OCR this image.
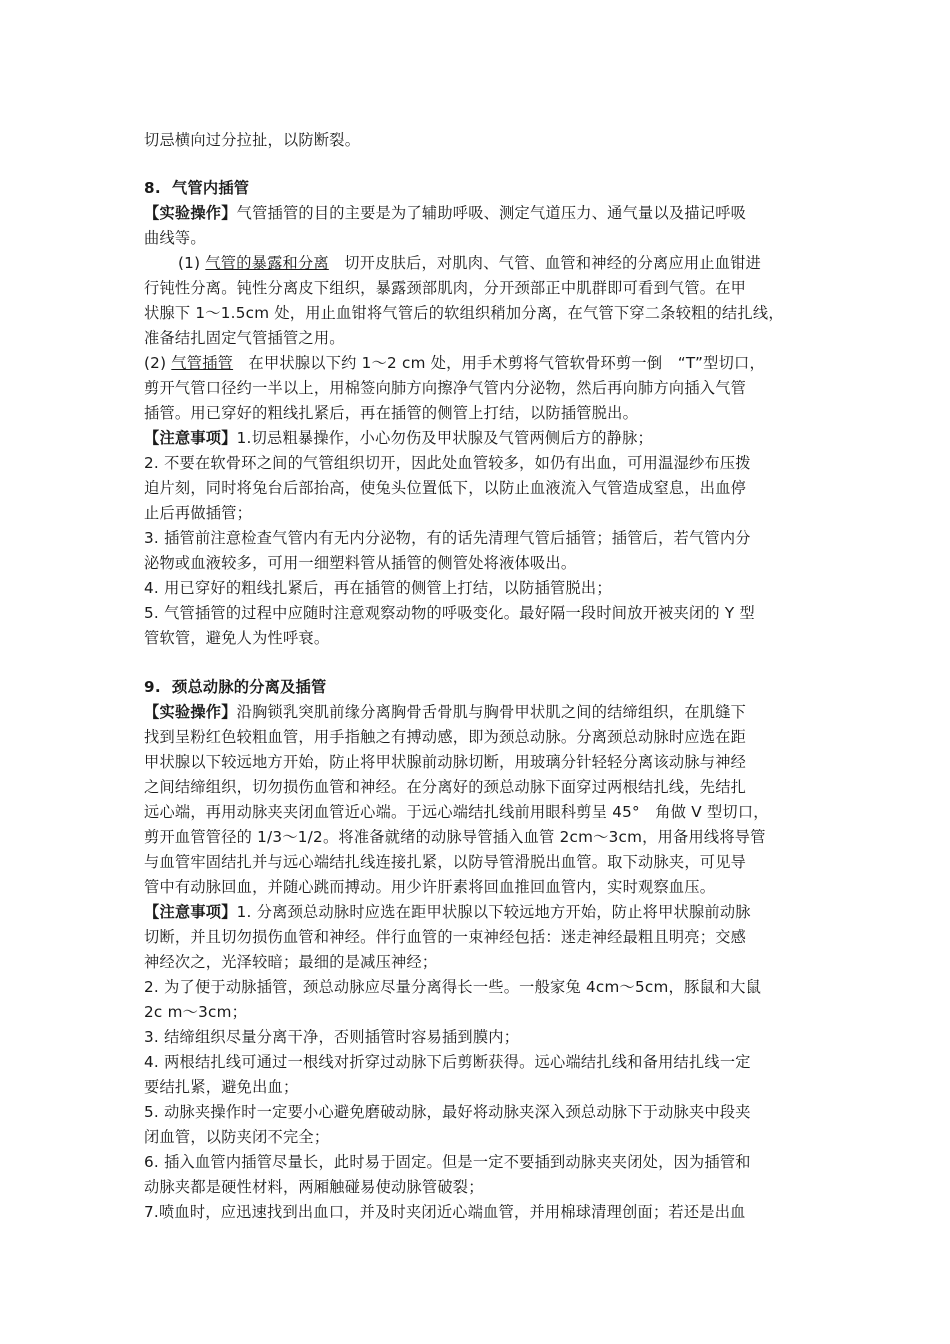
切忌横向过分拉扯，以防断裂。
8. 气管内插管
【实验操作】气管插管的目的主要是为了辅助呼吸、测定气道压力、通气量以及描记呼吸
曲线等。
(1) 气管的暴露和分离　切开皮肤后，对肌肉、气管、血管和神经的分离应用止血钳进
行钝性分离。钝性分离皮下组织，暴露颈部肌肉，分开颈部正中肌群即可看到气管。在甲
状腺下 1～1.5cm 处，用止血钳将气管后的软组织稍加分离，在气管下穿二条较粗的结扎线，
准备结扎固定气管插管之用。
(2) 气管插管　在甲状腺以下约 1～2 cm 处，用手术剪将气管软骨环剪一倒　“T”型切口，
剪开气管口径约一半以上，用棉签向肺方向擦净气管内分泌物，然后再向肺方向插入气管
插管。用已穿好的粗线扎紧后，再在插管的侧管上打结，以防插管脱出。
【注意事项】1.切忌粗暴操作，小心勿伤及甲状腺及气管两侧后方的静脉；
2. 不要在软骨环之间的气管组织切开，因此处血管较多，如仍有出血，可用温湿纱布压拨
迫片刻，同时将兔台后部抬高，使兔头位置低下，以防止血液流入气管造成窒息，出血停
止后再做插管；
3. 插管前注意检查气管内有无内分泌物，有的话先清理气管后插管；插管后，若气管内分
泌物或血液较多，可用一细塑料管从插管的侧管处将液体吸出。
4. 用已穿好的粗线扎紧后，再在插管的侧管上打结，以防插管脱出；
5. 气管插管的过程中应随时注意观察动物的呼吸变化。最好隔一段时间放开被夹闭的 Y 型
管软管，避免人为性呼衰。
9. 颈总动脉的分离及插管
【实验操作】沿胸锁乳突肌前缘分离胸骨舌骨肌与胸骨甲状肌之间的结缔组织，在肌缝下
找到呈粉红色较粗血管，用手指触之有搏动感，即为颈总动脉。分离颈总动脉时应选在距
甲状腺以下较远地方开始，防止将甲状腺前动脉切断，用玻璃分针轻轻分离该动脉与神经
之间结缔组织，切勿损伤血管和神经。在分离好的颈总动脉下面穿过两根结扎线，先结扎
远心端，再用动脉夹夹闭血管近心端。于远心端结扎线前用眼科剪呈 45°　角做 V 型切口，
剪开血管管径的 1/3～1/2。将准备就绪的动脉导管插入血管 2cm～3cm，用备用线将导管
与血管牢固结扎并与远心端结扎线连接扎紧，以防导管滑脱出血管。取下动脉夹，可见导
管中有动脉回血，并随心跳而搏动。用少许肝素将回血推回血管内，实时观察血压。
【注意事项】1. 分离颈总动脉时应选在距甲状腺以下较远地方开始，防止将甲状腺前动脉
切断，并且切勿损伤血管和神经。伴行血管的一束神经包括：迷走神经最粗且明亮；交感
神经次之，光泽较暗；最细的是减压神经；
2. 为了便于动脉插管，颈总动脉应尽量分离得长一些。一般家兔 4cm～5cm，豚鼠和大鼠
2c m～3cm；
3. 结缔组织尽量分离干净，否则插管时容易插到膜内；
4. 两根结扎线可通过一根线对折穿过动脉下后剪断获得。远心端结扎线和备用结扎线一定
要结扎紧，避免出血；
5. 动脉夹操作时一定要小心避免磨破动脉，最好将动脉夹深入颈总动脉下于动脉夹中段夹
闭血管，以防夹闭不完全；
6. 插入血管内插管尽量长，此时易于固定。但是一定不要插到动脉夹夹闭处，因为插管和
动脉夹都是硬性材料，两厢触碰易使动脉管破裂；
7.喷血时，应迅速找到出血口，并及时夹闭近心端血管，并用棉球清理创面；若还是出血
